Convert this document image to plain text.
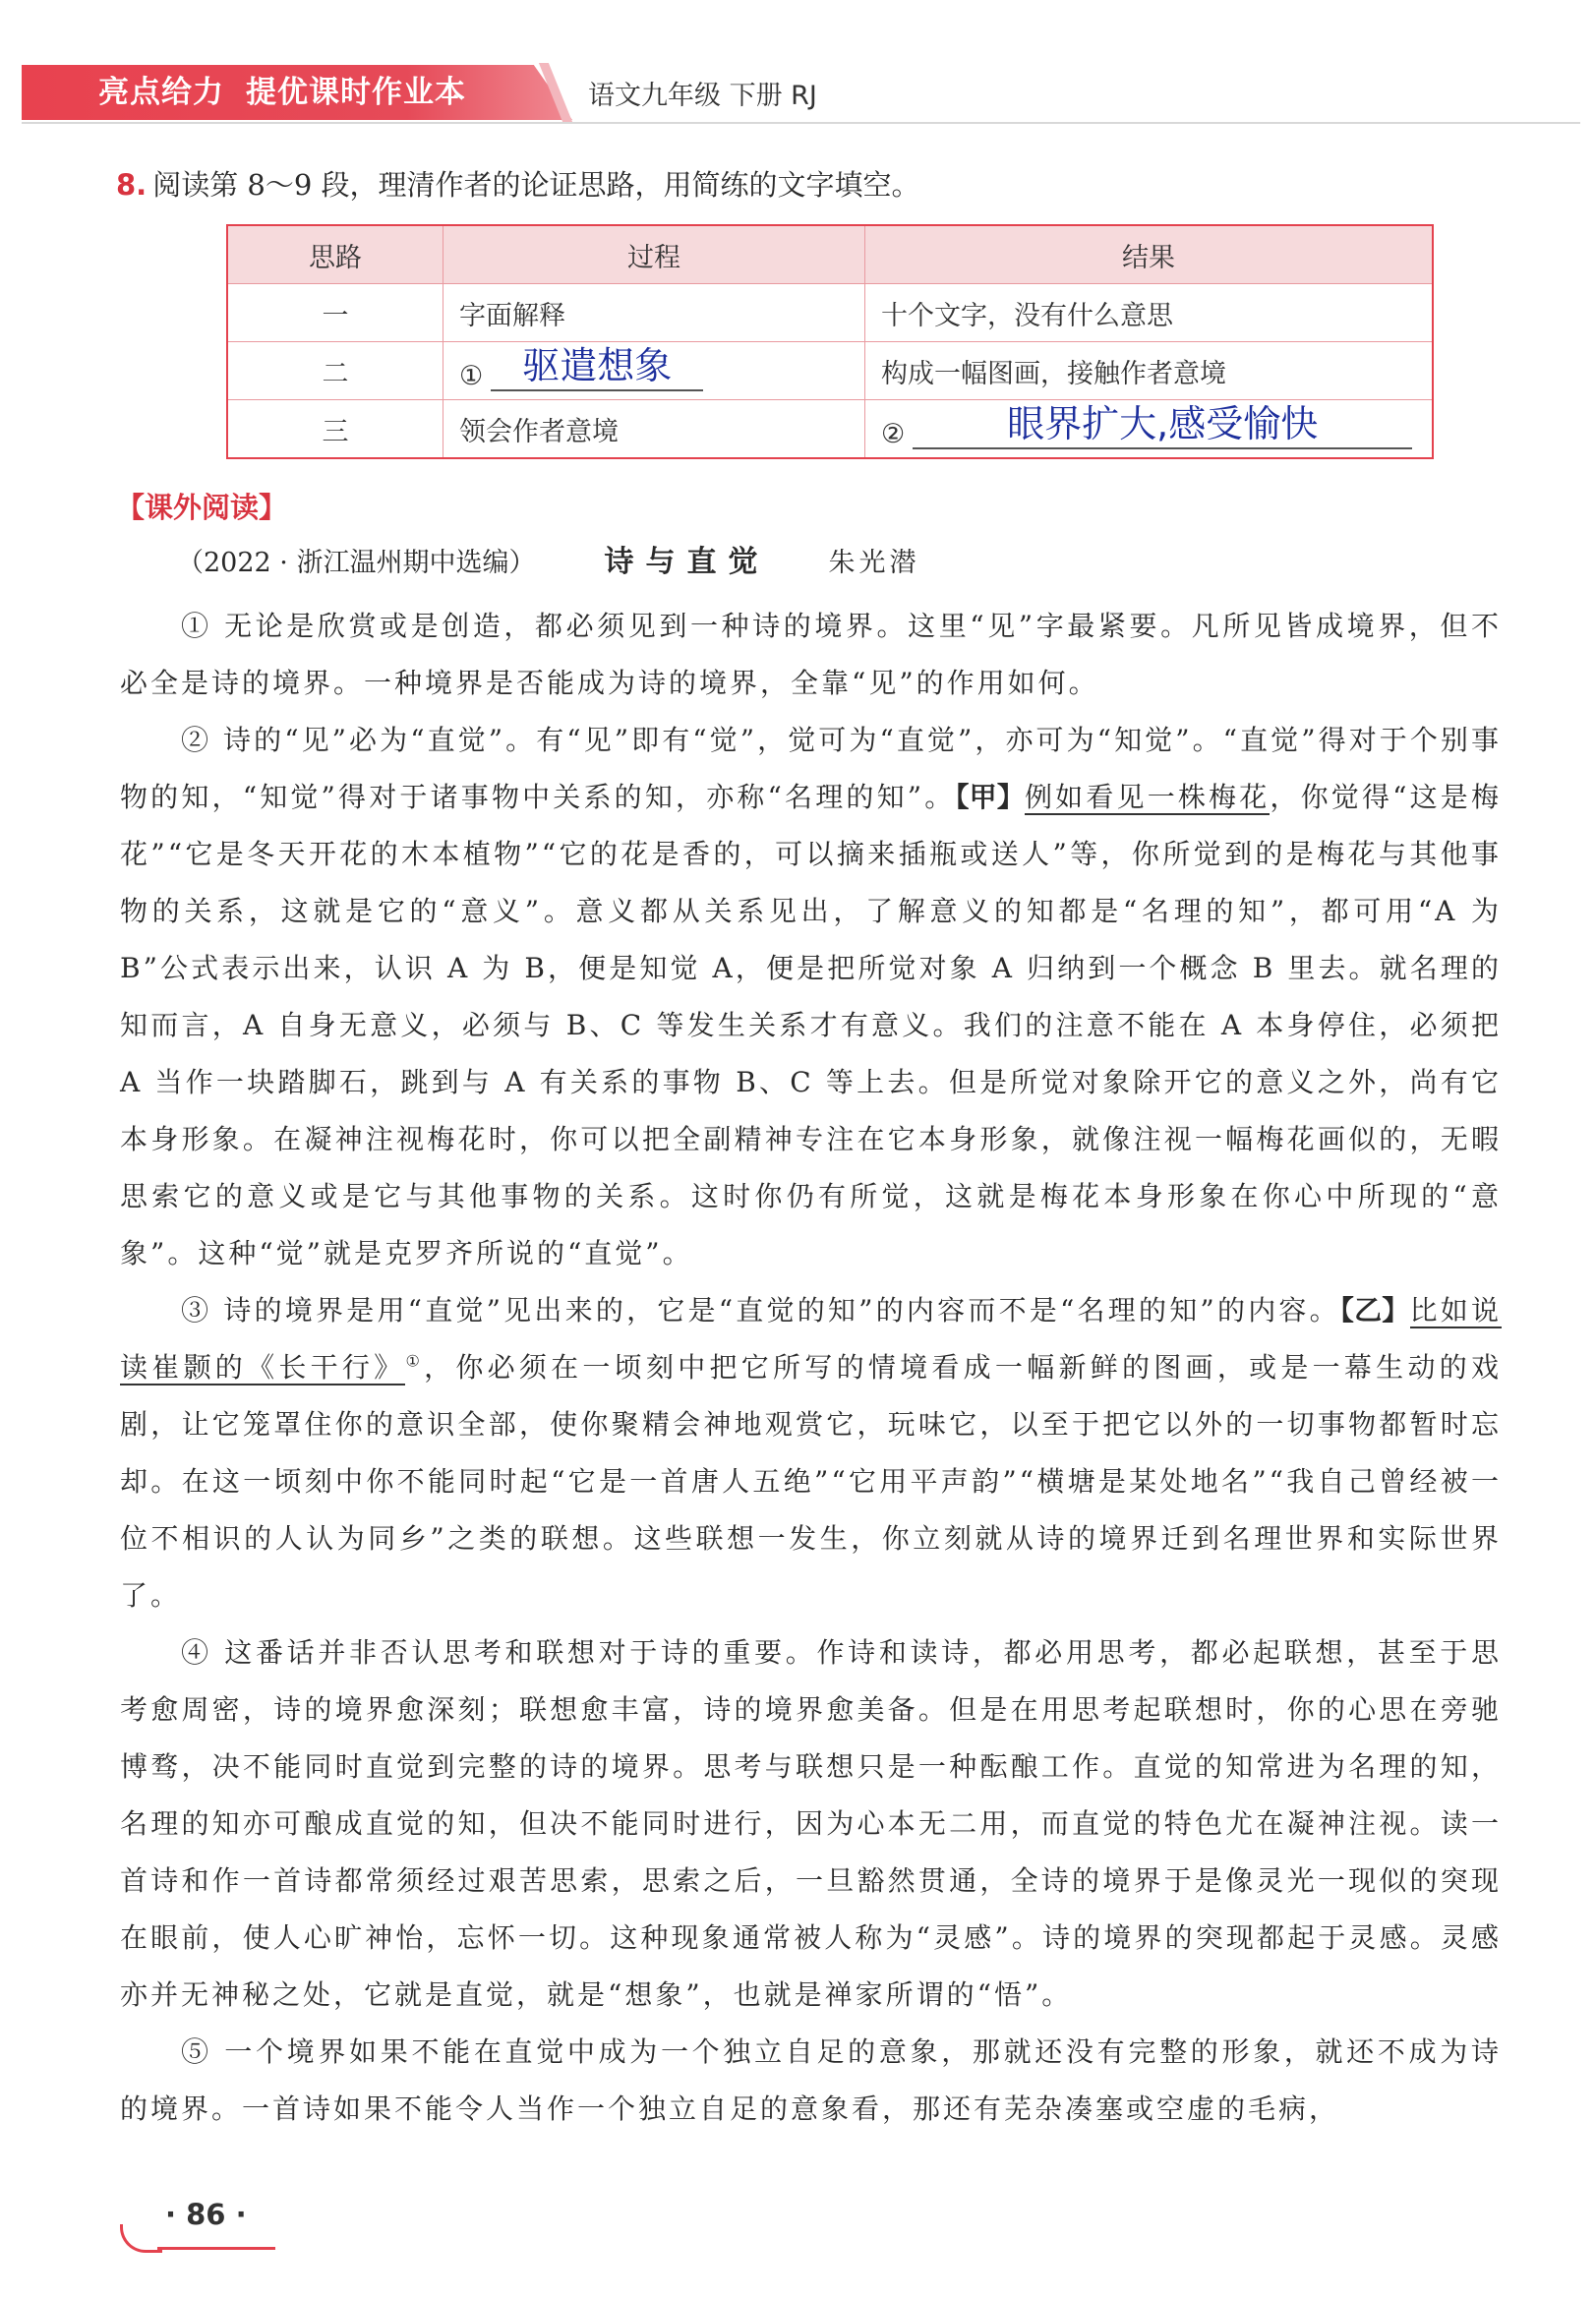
亮点给力 提优课时作业本	语文九年级 下册 RJ
8. 阅读第 8～9 段，理清作者的论证思路，用简练的文字填空。
思路	过程	结果
一	字面解释	十个文字，没有什么意思
二	① 驱遣想象	构成一幅图画，接触作者意境
三	领会作者意境	② 眼界扩大,感受愉快
【课外阅读】
（2022 · 浙江温州期中选编） 诗与直觉 朱光潜

① 无论是欣赏或是创造，都必须见到一种诗的境界。这里“见”字最紧要。凡所见皆成境界，但不必全是诗的境界。一种境界是否能成为诗的境界，全靠“见”的作用如何。

② 诗的“见”必为“直觉”。有“见”即有“觉”，觉可为“直觉”，亦可为“知觉”。“直觉”得对于个别事物的知，“知觉”得对于诸事物中关系的知，亦称“名理的知”。【甲】例如看见一株梅花，你觉得“这是梅花”“它是冬天开花的木本植物”“它的花是香的，可以摘来插瓶或送人”等，你所觉到的是梅花与其他事物的关系，这就是它的“意义”。意义都从关系见出，了解意义的知都是“名理的知”，都可用“A 为 B”公式表示出来，认识 A 为 B，便是知觉 A，便是把所觉对象 A 归纳到一个概念 B 里去。就名理的知而言，A 自身无意义，必须与 B、C 等发生关系才有意义。我们的注意不能在 A 本身停住，必须把 A 当作一块踏脚石，跳到与 A 有关系的事物 B、C 等上去。但是所觉对象除开它的意义之外，尚有它本身形象。在凝神注视梅花时，你可以把全副精神专注在它本身形象，就像注视一幅梅花画似的，无暇思索它的意义或是它与其他事物的关系。这时你仍有所觉，这就是梅花本身形象在你心中所现的“意象”。这种“觉”就是克罗齐所说的“直觉”。

③ 诗的境界是用“直觉”见出来的，它是“直觉的知”的内容而不是“名理的知”的内容。【乙】比如说读崔颢的《长干行》①，你必须在一顷刻中把它所写的情境看成一幅新鲜的图画，或是一幕生动的戏剧，让它笼罩住你的意识全部，使你聚精会神地观赏它，玩味它，以至于把它以外的一切事物都暂时忘却。在这一顷刻中你不能同时起“它是一首唐人五绝”“它用平声韵”“横塘是某处地名”“我自己曾经被一位不相识的人认为同乡”之类的联想。这些联想一发生，你立刻就从诗的境界迁到名理世界和实际世界了。

④ 这番话并非否认思考和联想对于诗的重要。作诗和读诗，都必用思考，都必起联想，甚至于思考愈周密，诗的境界愈深刻；联想愈丰富，诗的境界愈美备。但是在用思考起联想时，你的心思在旁驰博骛，决不能同时直觉到完整的诗的境界。思考与联想只是一种酝酿工作。直觉的知常进为名理的知，名理的知亦可酿成直觉的知，但决不能同时进行，因为心本无二用，而直觉的特色尤在凝神注视。读一首诗和作一首诗都常须经过艰苦思索，思索之后，一旦豁然贯通，全诗的境界于是像灵光一现似的突现在眼前，使人心旷神怡，忘怀一切。这种现象通常被人称为“灵感”。诗的境界的突现都起于灵感。灵感亦并无神秘之处，它就是直觉，就是“想象”，也就是禅家所谓的“悟”。

⑤ 一个境界如果不能在直觉中成为一个独立自足的意象，那就还没有完整的形象，就还不成为诗的境界。一首诗如果不能令人当作一个独立自足的意象看，那还有芜杂凑塞或空虚的毛病，

· 86 ·
